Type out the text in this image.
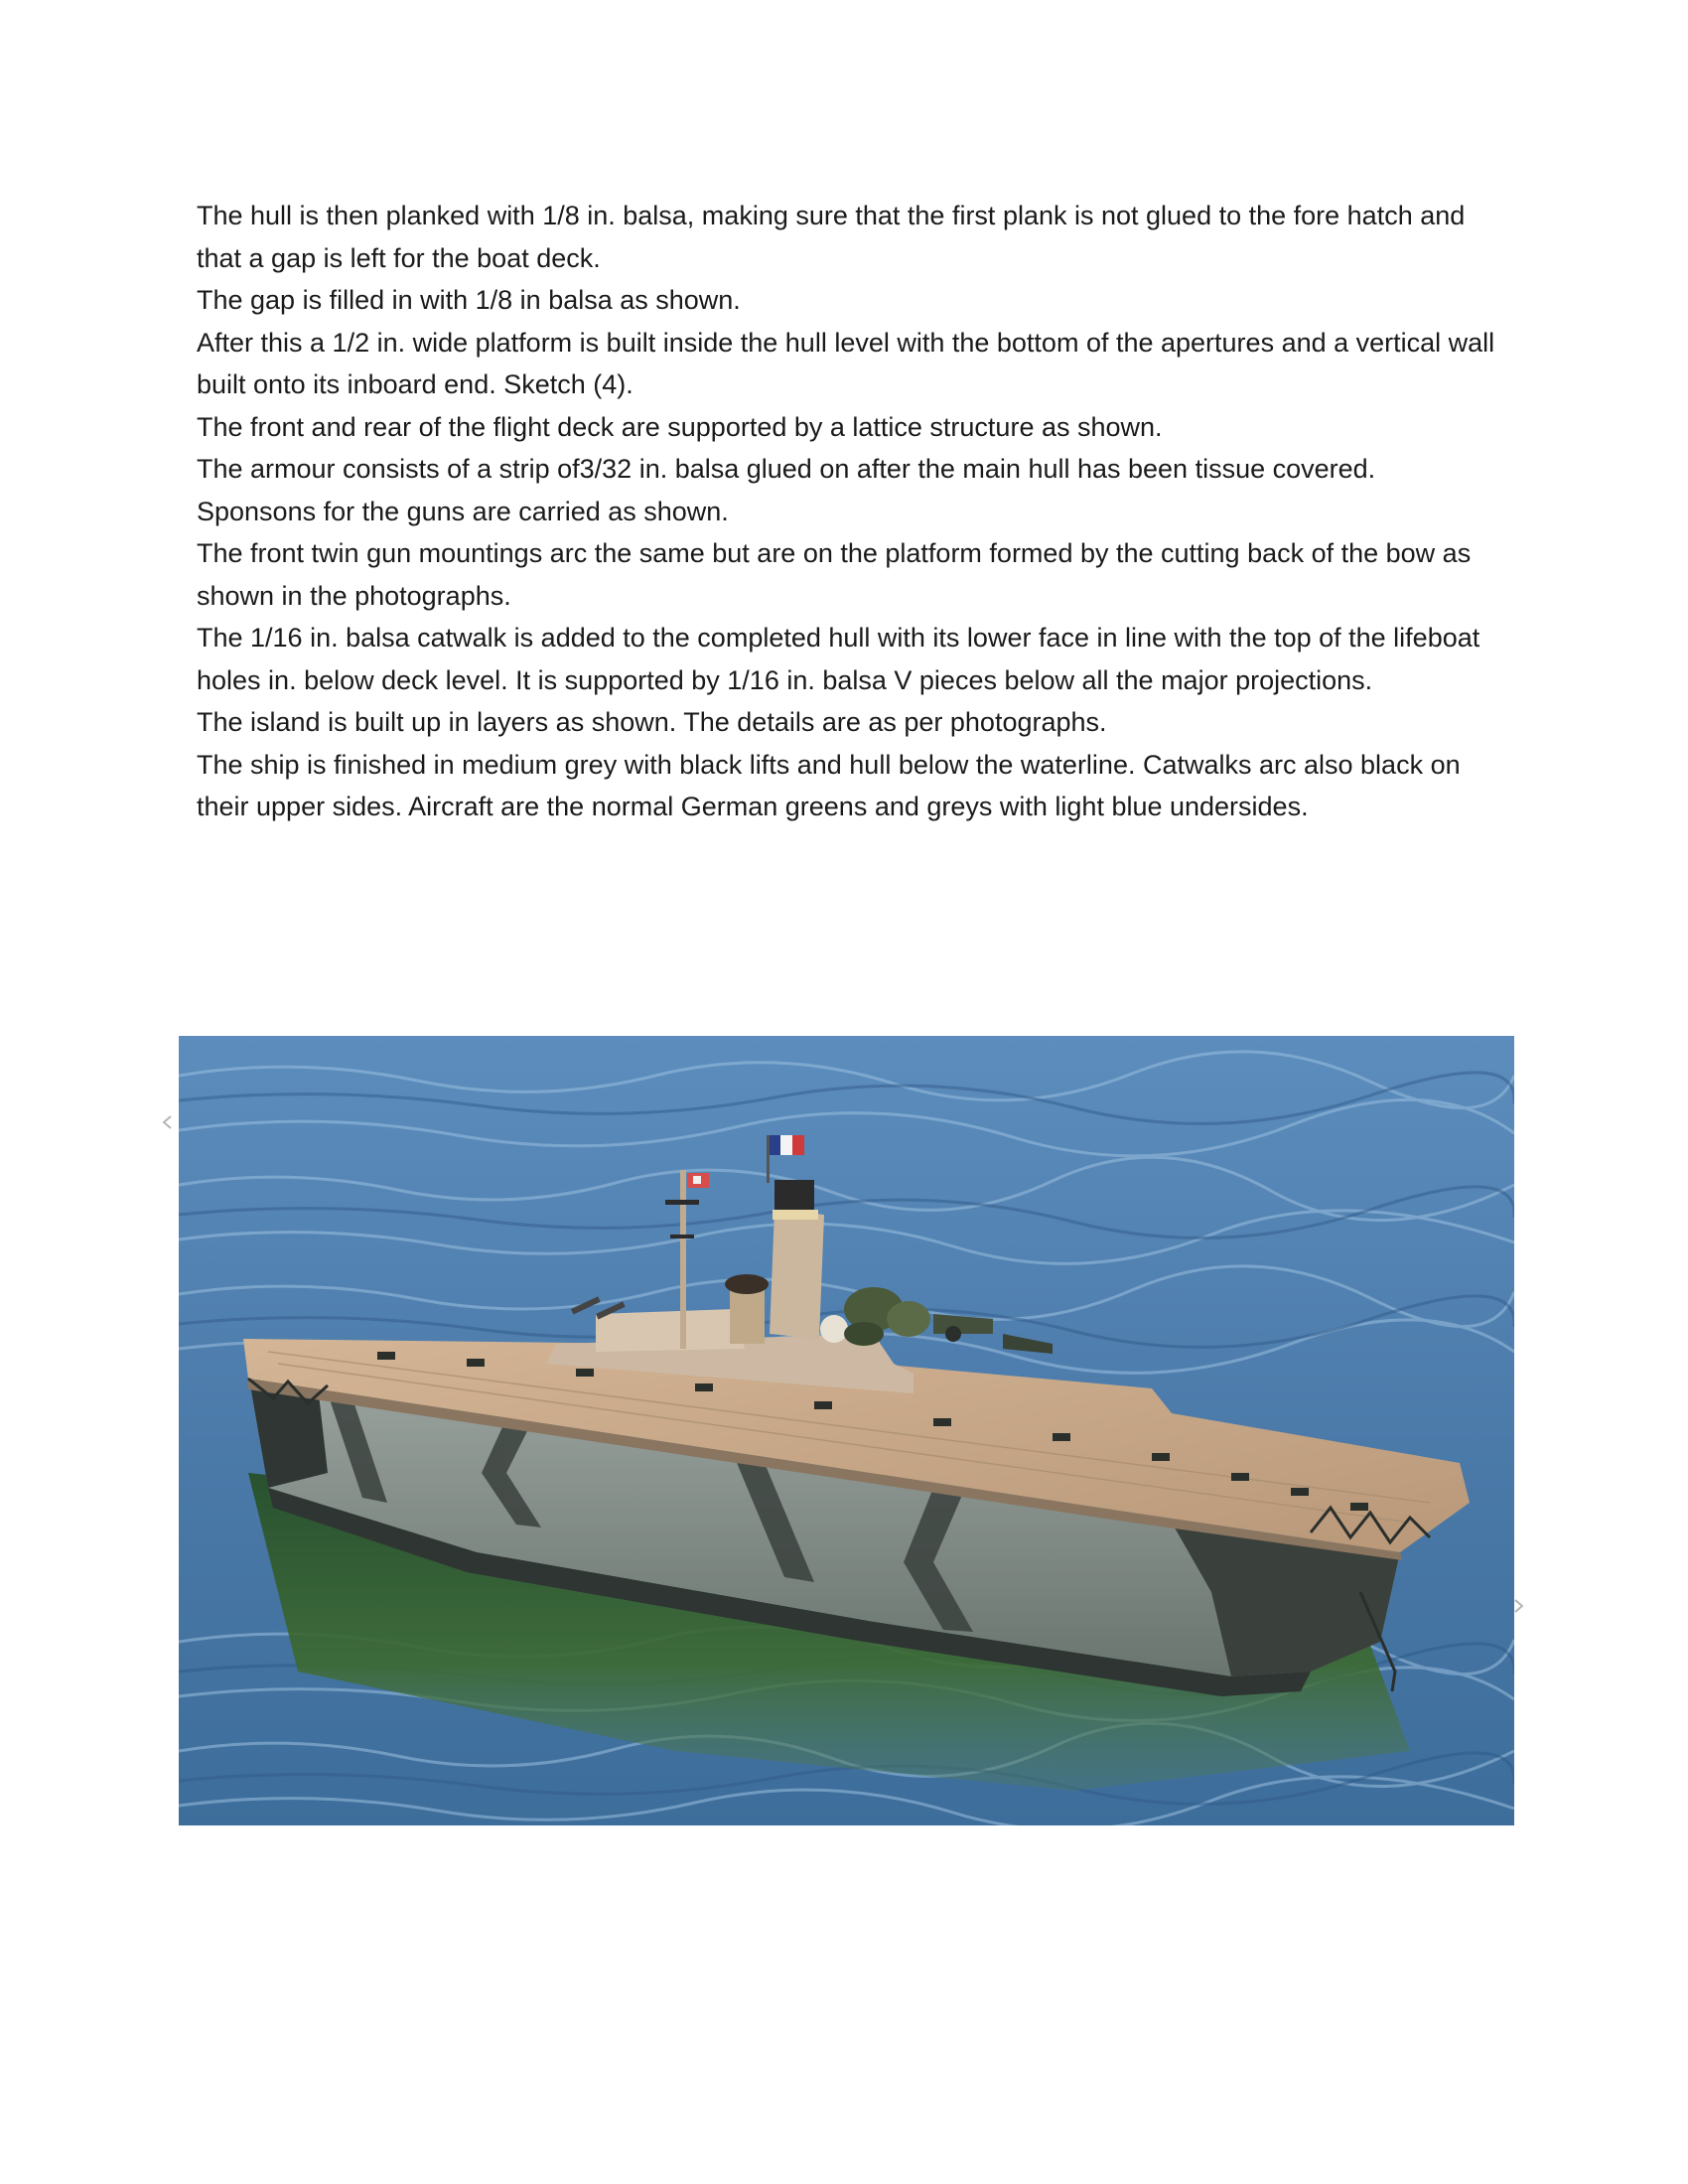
The hull is then planked with 1/8 in. balsa, making sure that the first plank is not glued to the fore hatch and that a gap is left for the boat deck.

The gap is filled in with 1/8 in balsa as shown.

After this a 1/2 in. wide platform is built inside the hull level with the bottom of the apertures and a vertical wall built onto its inboard end. Sketch (4).

The front and rear of the flight deck are supported by a lattice structure as shown.

The armour consists of a strip of3/32 in. balsa glued on after the main hull has been tissue covered.

Sponsons for the guns are carried as shown.

The front twin gun mountings arc the same but are on the platform formed by the cutting back of the bow as shown in the photographs.

The 1/16 in. balsa catwalk is added to the completed hull with its lower face in line with the top of the lifeboat holes in. below deck level. It is supported by 1/16 in. balsa V pieces below all the major projections.

The island is built up in layers as shown. The details are as per photographs.

The ship is finished in medium grey with black lifts and hull below the waterline. Catwalks arc also black on their upper sides. Aircraft are the normal German greens and greys with light blue undersides.
